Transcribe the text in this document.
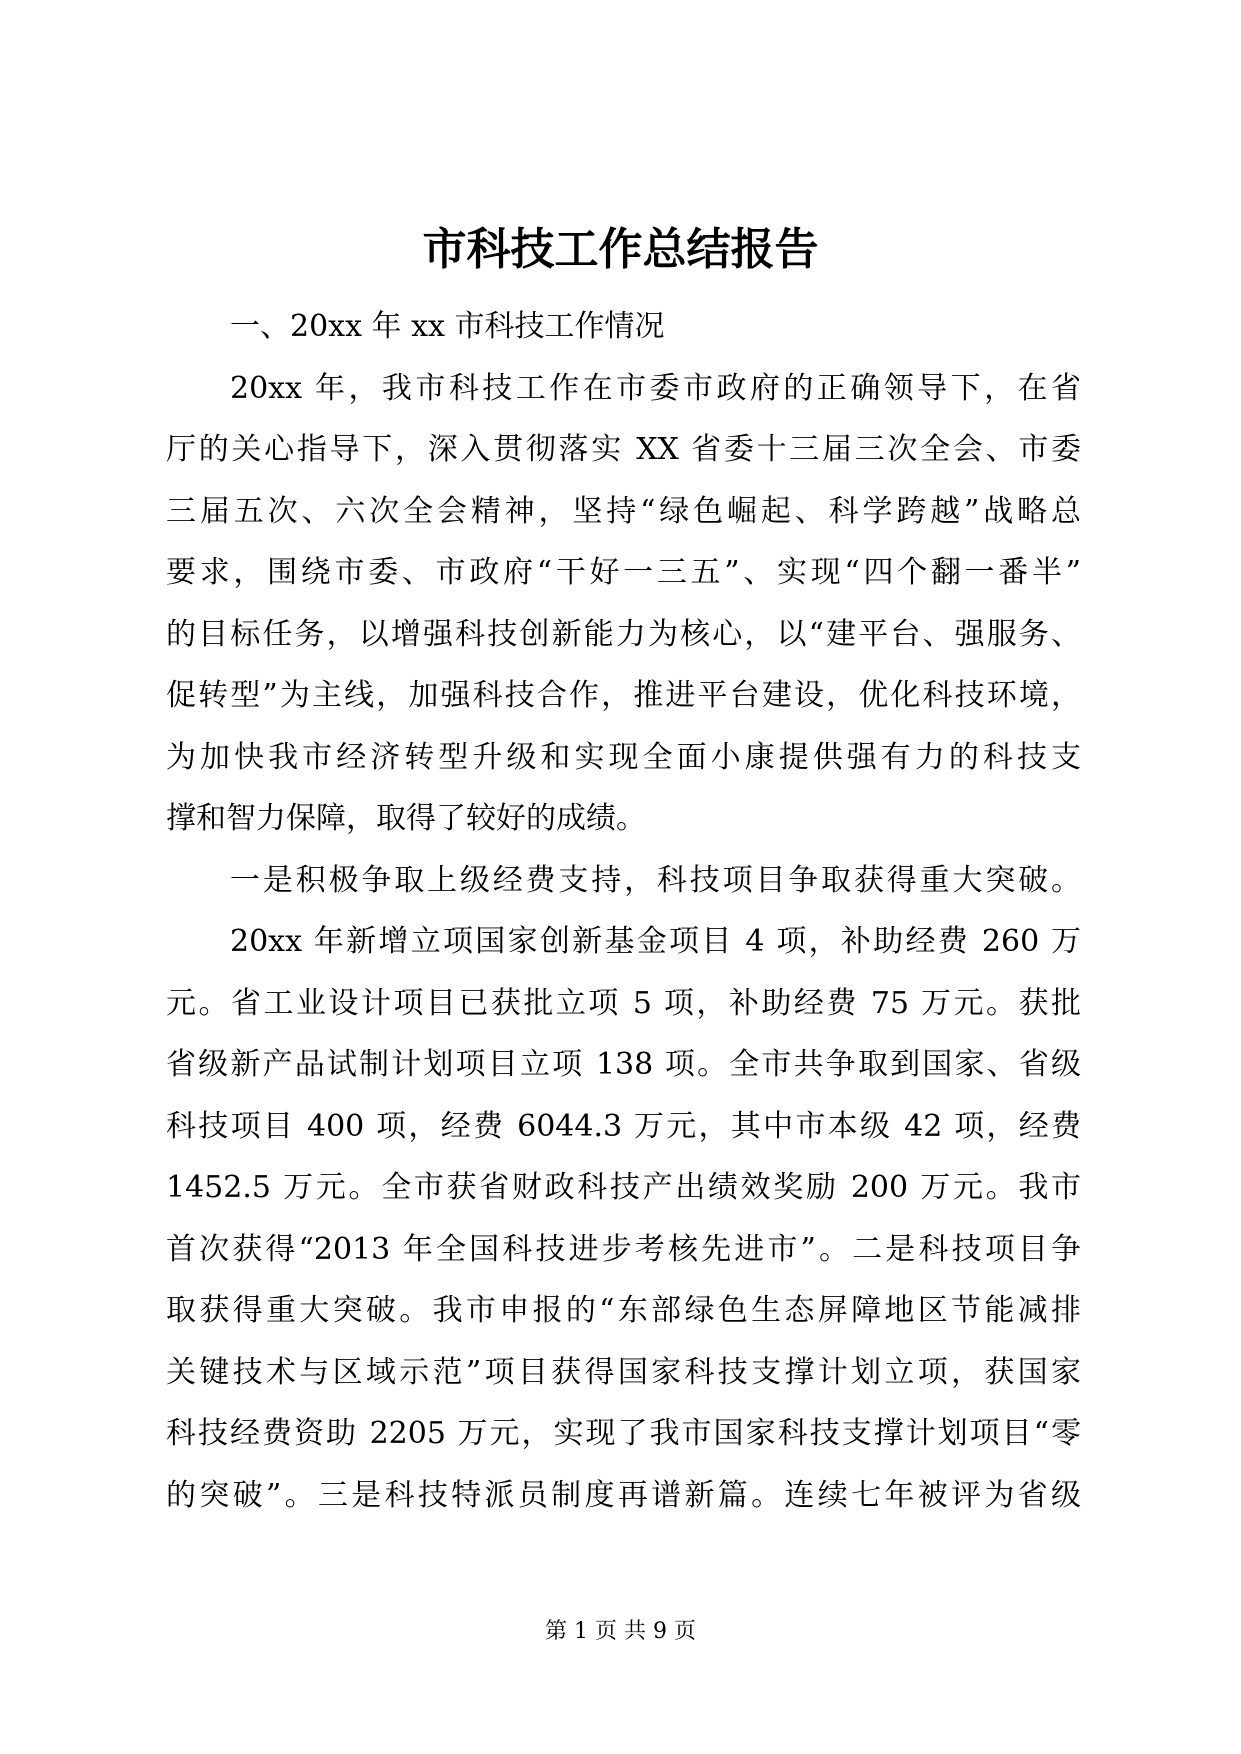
市科技工作总结报告
一、20xx 年 xx 市科技工作情况
20xx 年，我市科技工作在市委市政府的正确领导下，在省
厅的关心指导下，深入贯彻落实 XX 省委十三届三次全会、市委
三届五次、六次全会精神，坚持“绿色崛起、科学跨越”战略总
要求，围绕市委、市政府“干好一三五”、实现“四个翻一番半”
的目标任务，以增强科技创新能力为核心，以“建平台、强服务、
促转型”为主线，加强科技合作，推进平台建设，优化科技环境，
为加快我市经济转型升级和实现全面小康提供强有力的科技支
撑和智力保障，取得了较好的成绩。
一是积极争取上级经费支持，科技项目争取获得重大突破。
20xx 年新增立项国家创新基金项目 4 项，补助经费 260 万
元。省工业设计项目已获批立项 5 项，补助经费 75 万元。获批
省级新产品试制计划项目立项 138 项。全市共争取到国家、省级
科技项目 400 项，经费 6044.3 万元，其中市本级 42 项，经费
1452.5 万元。全市获省财政科技产出绩效奖励 200 万元。我市
首次获得“2013 年全国科技进步考核先进市”。二是科技项目争
取获得重大突破。我市申报的“东部绿色生态屏障地区节能减排
关键技术与区域示范”项目获得国家科技支撑计划立项，获国家
科技经费资助 2205 万元，实现了我市国家科技支撑计划项目“零
的突破”。三是科技特派员制度再谱新篇。连续七年被评为省级
第 1 页 共 9 页
